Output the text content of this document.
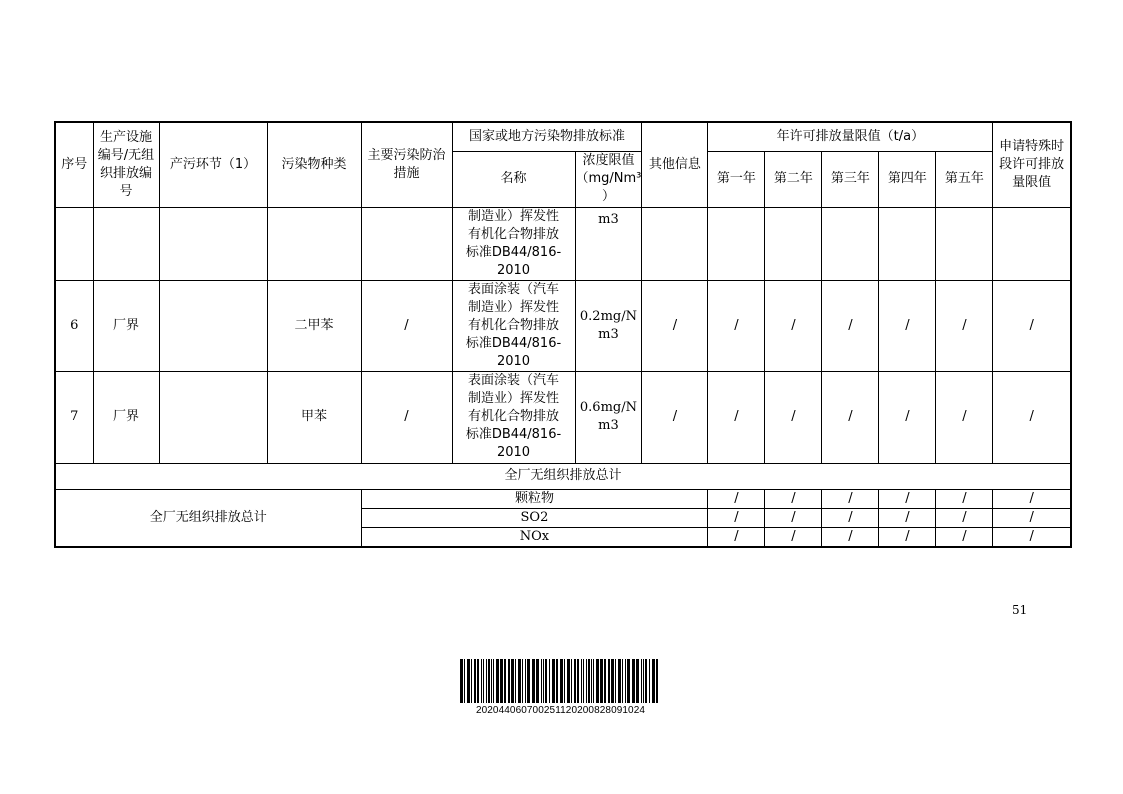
序号	生产设施
编号/无组
织排放编
号	产污环节（1）	污染物种类	主要污染防治
措施	国家或地方污染物排放标准		其他信息	年许可排放量限值（t/a）					申请特殊时
段许可排放
量限值
					名称	浓度限值
（mg/Nm³
）		第一年	第二年	第三年	第四年	第五年	
					制造业）挥发性
有机化合物排放
标准DB44/816-
2010	m3							
6	厂界		二甲苯	/	表面涂装（汽车
制造业）挥发性
有机化合物排放
标准DB44/816-
2010	0.2mg/N
m3	/	/	/	/	/	/	/
7	厂界		甲苯	/	表面涂装（汽车
制造业）挥发性
有机化合物排放
标准DB44/816-
2010	0.6mg/N
m3	/	/	/	/	/	/	/
全厂无组织排放总计													
全厂无组织排放总计				颗粒物				/	/	/	/	/	/
				SO2				/	/	/	/	/	/
				NOx				/	/	/	/	/	/
51
20204406070025112020082809102​4
